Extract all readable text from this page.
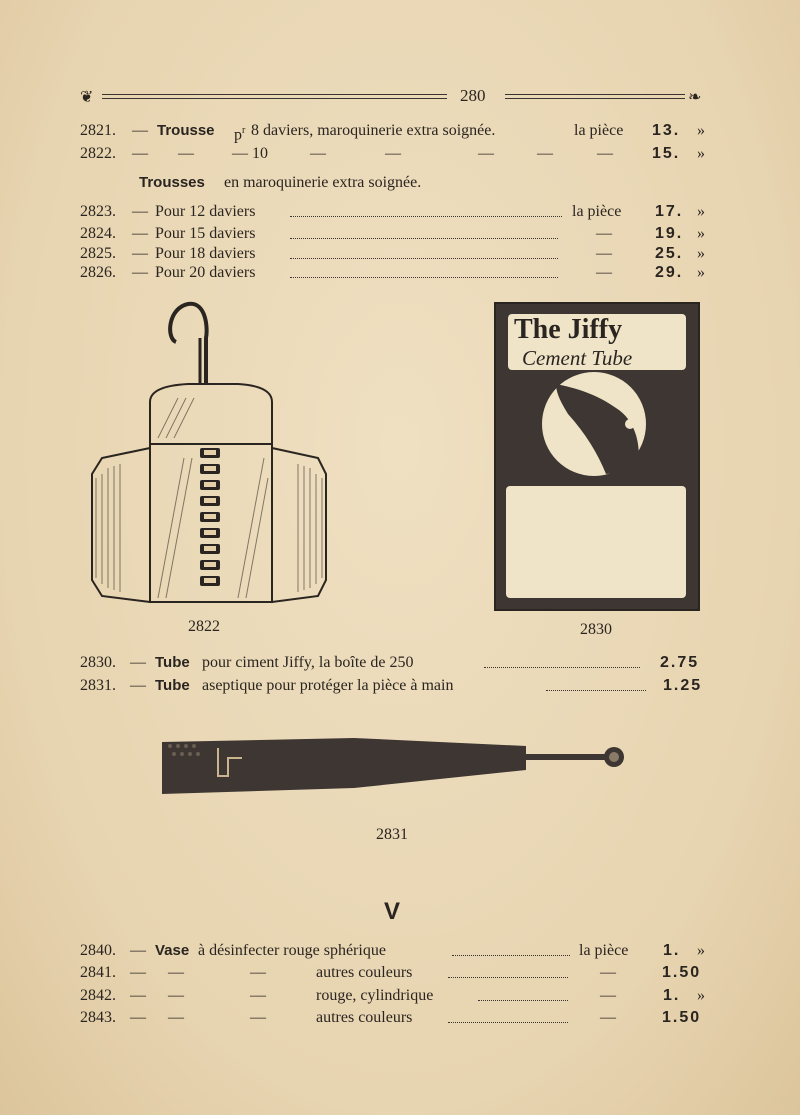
❦	280	❧
2821. — Trousse $p^r$ 8 daviers, maroquinerie extra soignée.	la pièce 13. »
2822. — — — 10	—	—	—	—	— 15. »
Trousses en maroquinerie extra soignée.
2823. — Pour 12 daviers	la pièce 17. »
2824. — Pour 15 daviers	—	19. »
2825. — Pour 18 daviers	—	25. »
2826. — Pour 20 daviers	—	29. »
2822
The Jiffy
Cement Tube
2830
2830. — Tube pour ciment Jiffy, la boîte de 250	2.75
2831. — Tube aseptique pour protéger la pièce à main	1.25
2831
V
2840. — Vase à désinfecter rouge sphérique	la pièce 1. »
2841. — —	—	autres couleurs	—	1.50
2842. — —	—	rouge, cylindrique	—	1. »
2843. — —	—	autres couleurs	—	1.50
